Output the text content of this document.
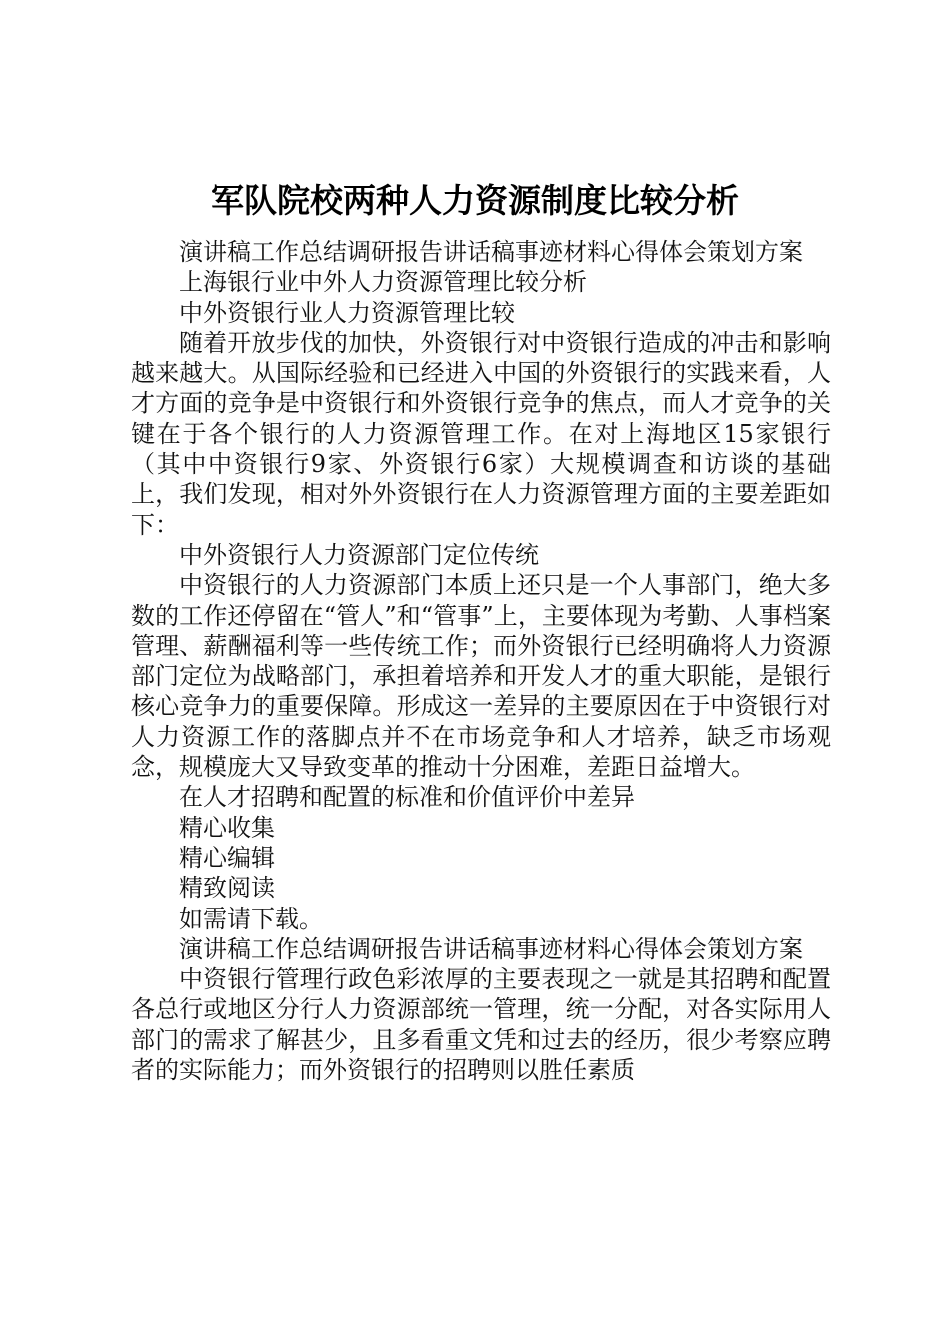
军队院校两种人力资源制度比较分析

演讲稿工作总结调研报告讲话稿事迹材料心得体会策划方案

上海银行业中外人力资源管理比较分析

中外资银行业人力资源管理比较

随着开放步伐的加快，外资银行对中资银行造成的冲击和影响越来越大。从国际经验和已经进入中国的外资银行的实践来看，人才方面的竞争是中资银行和外资银行竞争的焦点，而人才竞争的关键在于各个银行的人力资源管理工作。在对上海地区15家银行（其中中资银行9家、外资银行6家）大规模调查和访谈的基础上，我们发现，相对外外资银行在人力资源管理方面的主要差距如下：

中外资银行人力资源部门定位传统

中资银行的人力资源部门本质上还只是一个人事部门，绝大多数的工作还停留在“管人”和“管事”上，主要体现为考勤、人事档案管理、薪酬福利等一些传统工作；而外资银行已经明确将人力资源部门定位为战略部门，承担着培养和开发人才的重大职能，是银行核心竞争力的重要保障。形成这一差异的主要原因在于中资银行对人力资源工作的落脚点并不在市场竞争和人才培养，缺乏市场观念，规模庞大又导致变革的推动十分困难，差距日益增大。

在人才招聘和配置的标准和价值评价中差异

精心收集

精心编辑

精致阅读

如需请下载。

演讲稿工作总结调研报告讲话稿事迹材料心得体会策划方案

中资银行管理行政色彩浓厚的主要表现之一就是其招聘和配置各总行或地区分行人力资源部统一管理，统一分配，对各实际用人部门的需求了解甚少，且多看重文凭和过去的经历，很少考察应聘者的实际能力；而外资银行的招聘则以胜任素质
